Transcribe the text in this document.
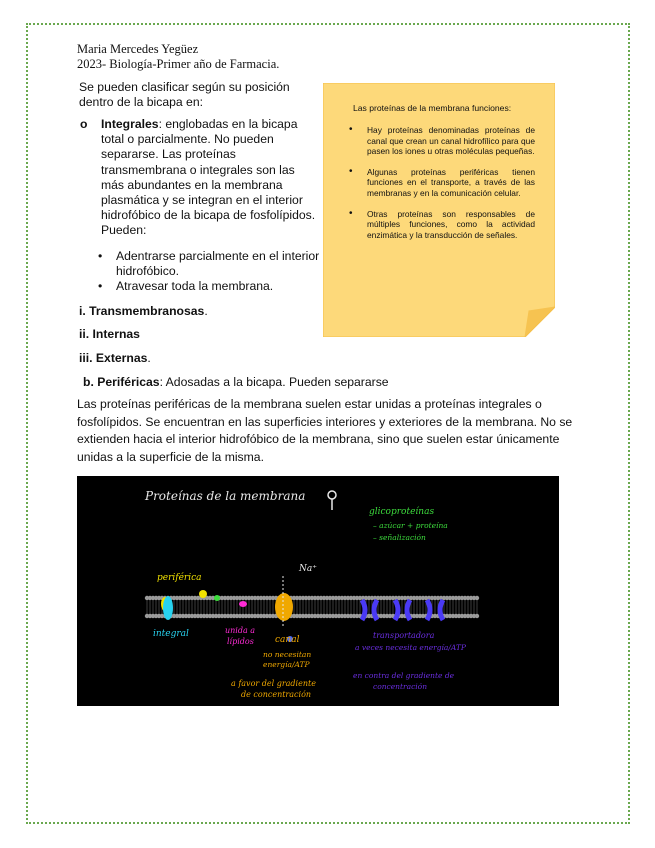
Maria Mercedes Yegüez
2023- Biología-Primer año de Farmacia.
Se pueden clasificar según su posición dentro de la bicapa en:
o Integrales: englobadas en la bicapa total o parcialmente. No pueden separarse. Las proteínas transmembrana o integrales son las más abundantes en la membrana plasmática y se integran en el interior hidrofóbico de la bicapa de fosfolípidos. Pueden:
• Adentrarse parcialmente en el interior hidrofóbico.
• Atravesar toda la membrana.
i. Transmembranosas.
ii. Internas
iii. Externas.
b. Periféricas: Adosadas a la bicapa. Pueden separarse
Las proteínas periféricas de la membrana suelen estar unidas a proteínas integrales o fosfolípidos. Se encuentran en las superficies interiores y exteriores de la membrana. No se extienden hacia el interior hidrofóbico de la membrana, sino que suelen estar únicamente unidas a la superficie de la misma.
Las proteínas de la membrana funciones:
• Hay proteínas denominadas proteínas de canal que crean un canal hidrofílico para que pasen los iones u otras moléculas pequeñas.
• Algunas proteínas periféricas tienen funciones en el transporte, a través de las membranas y en la comunicación celular.
• Otras proteínas son responsables de múltiples funciones, como la actividad enzimática y la transducción de señales.
Proteínas de la membrana
periférica
integral	unida a
lípidos
Na⁺
canal
no necesitan
energía/ATP
a favor del gradiente
de concentración
glicoproteínas
– azúcar + proteína
– señalización
transportadora
a veces necesita energía/ATP
en contra del gradiente de
concentración
